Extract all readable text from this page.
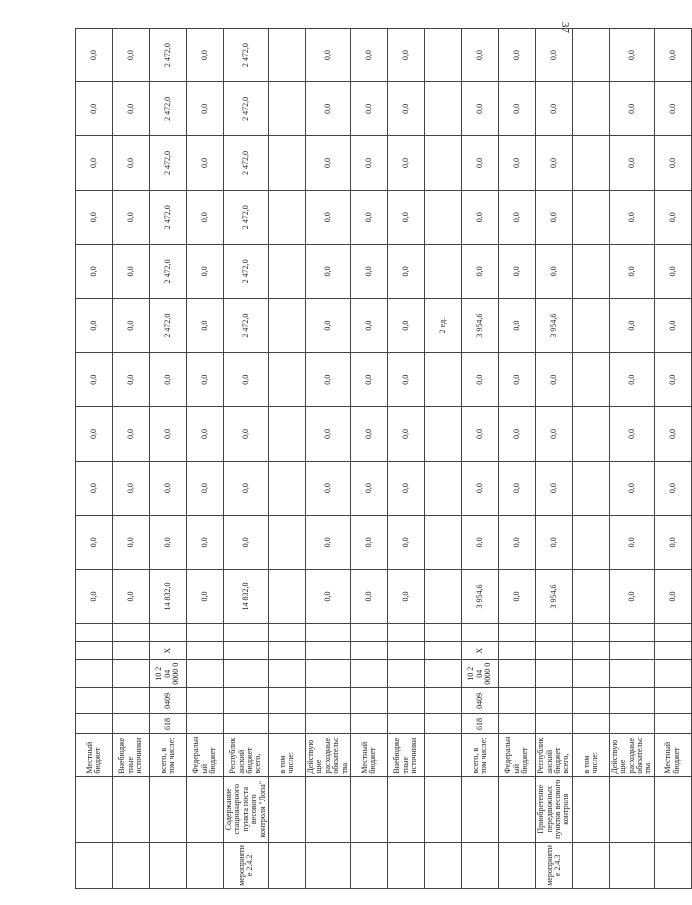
37
		Местный бюджет						0,0	0,0	0,0	0,0	0,0	0,0	0,0	0,0	0,0	0,0	0,0
		Внебюджетные источники						0,0	0,0	0,0	0,0	0,0	0,0	0,0	0,0	0,0	0,0	0,0
		всего, в том числе:	618	0409	10 2 04 0000 0	X		14 832,0	0,0	0,0	0,0	0,0	2 472,0	2 472,0	2 472,0	2 472,0	2 472,0	2 472,0
		Федеральный бюджет						0,0	0,0	0,0	0,0	0,0	0,0	0,0	0,0	0,0	0,0	0,0
мероприятие 2.4.2	Содержание стационарного пункта поста весового контроля "Лопа"	Республиканский бюджет всего,						14 832,0	0,0	0,0	0,0	0,0	2 472,0	2 472,0	2 472,0	2 472,0	2 472,0	2 472,0
		в том числе:																
		Действующие расходные обязательства						0,0	0,0	0,0	0,0	0,0	0,0	0,0	0,0	0,0	0,0	0,0
		Местный бюджет						0,0	0,0	0,0	0,0	0,0	0,0	0,0	0,0	0,0	0,0	0,0
		Внебюджетные источники						0,0	0,0	0,0	0,0	0,0	0,0	0,0	0,0	0,0	0,0	0,0
													2 ед.					
		всего, в том числе:	618	0409	10 2 04 0000 0	X		3 954,6	0,0	0,0	0,0	0,0	3 954,6	0,0	0,0	0,0	0,0	0,0
		Федеральный бюджет						0,0	0,0	0,0	0,0	0,0	0,0	0,0	0,0	0,0	0,0	0,0
мероприятие 2.4.3	Приобретение передвижных пунктов весового контроля	Республиканский бюджет всего,						3 954,6	0,0	0,0	0,0	0,0	3 954,6	0,0	0,0	0,0	0,0	0,0
		в том числе:																
		Действующие расходные обязательства						0,0	0,0	0,0	0,0	0,0	0,0	0,0	0,0	0,0	0,0	0,0
		Местный бюджет						0,0	0,0	0,0	0,0	0,0	0,0	0,0	0,0	0,0	0,0	0,0
